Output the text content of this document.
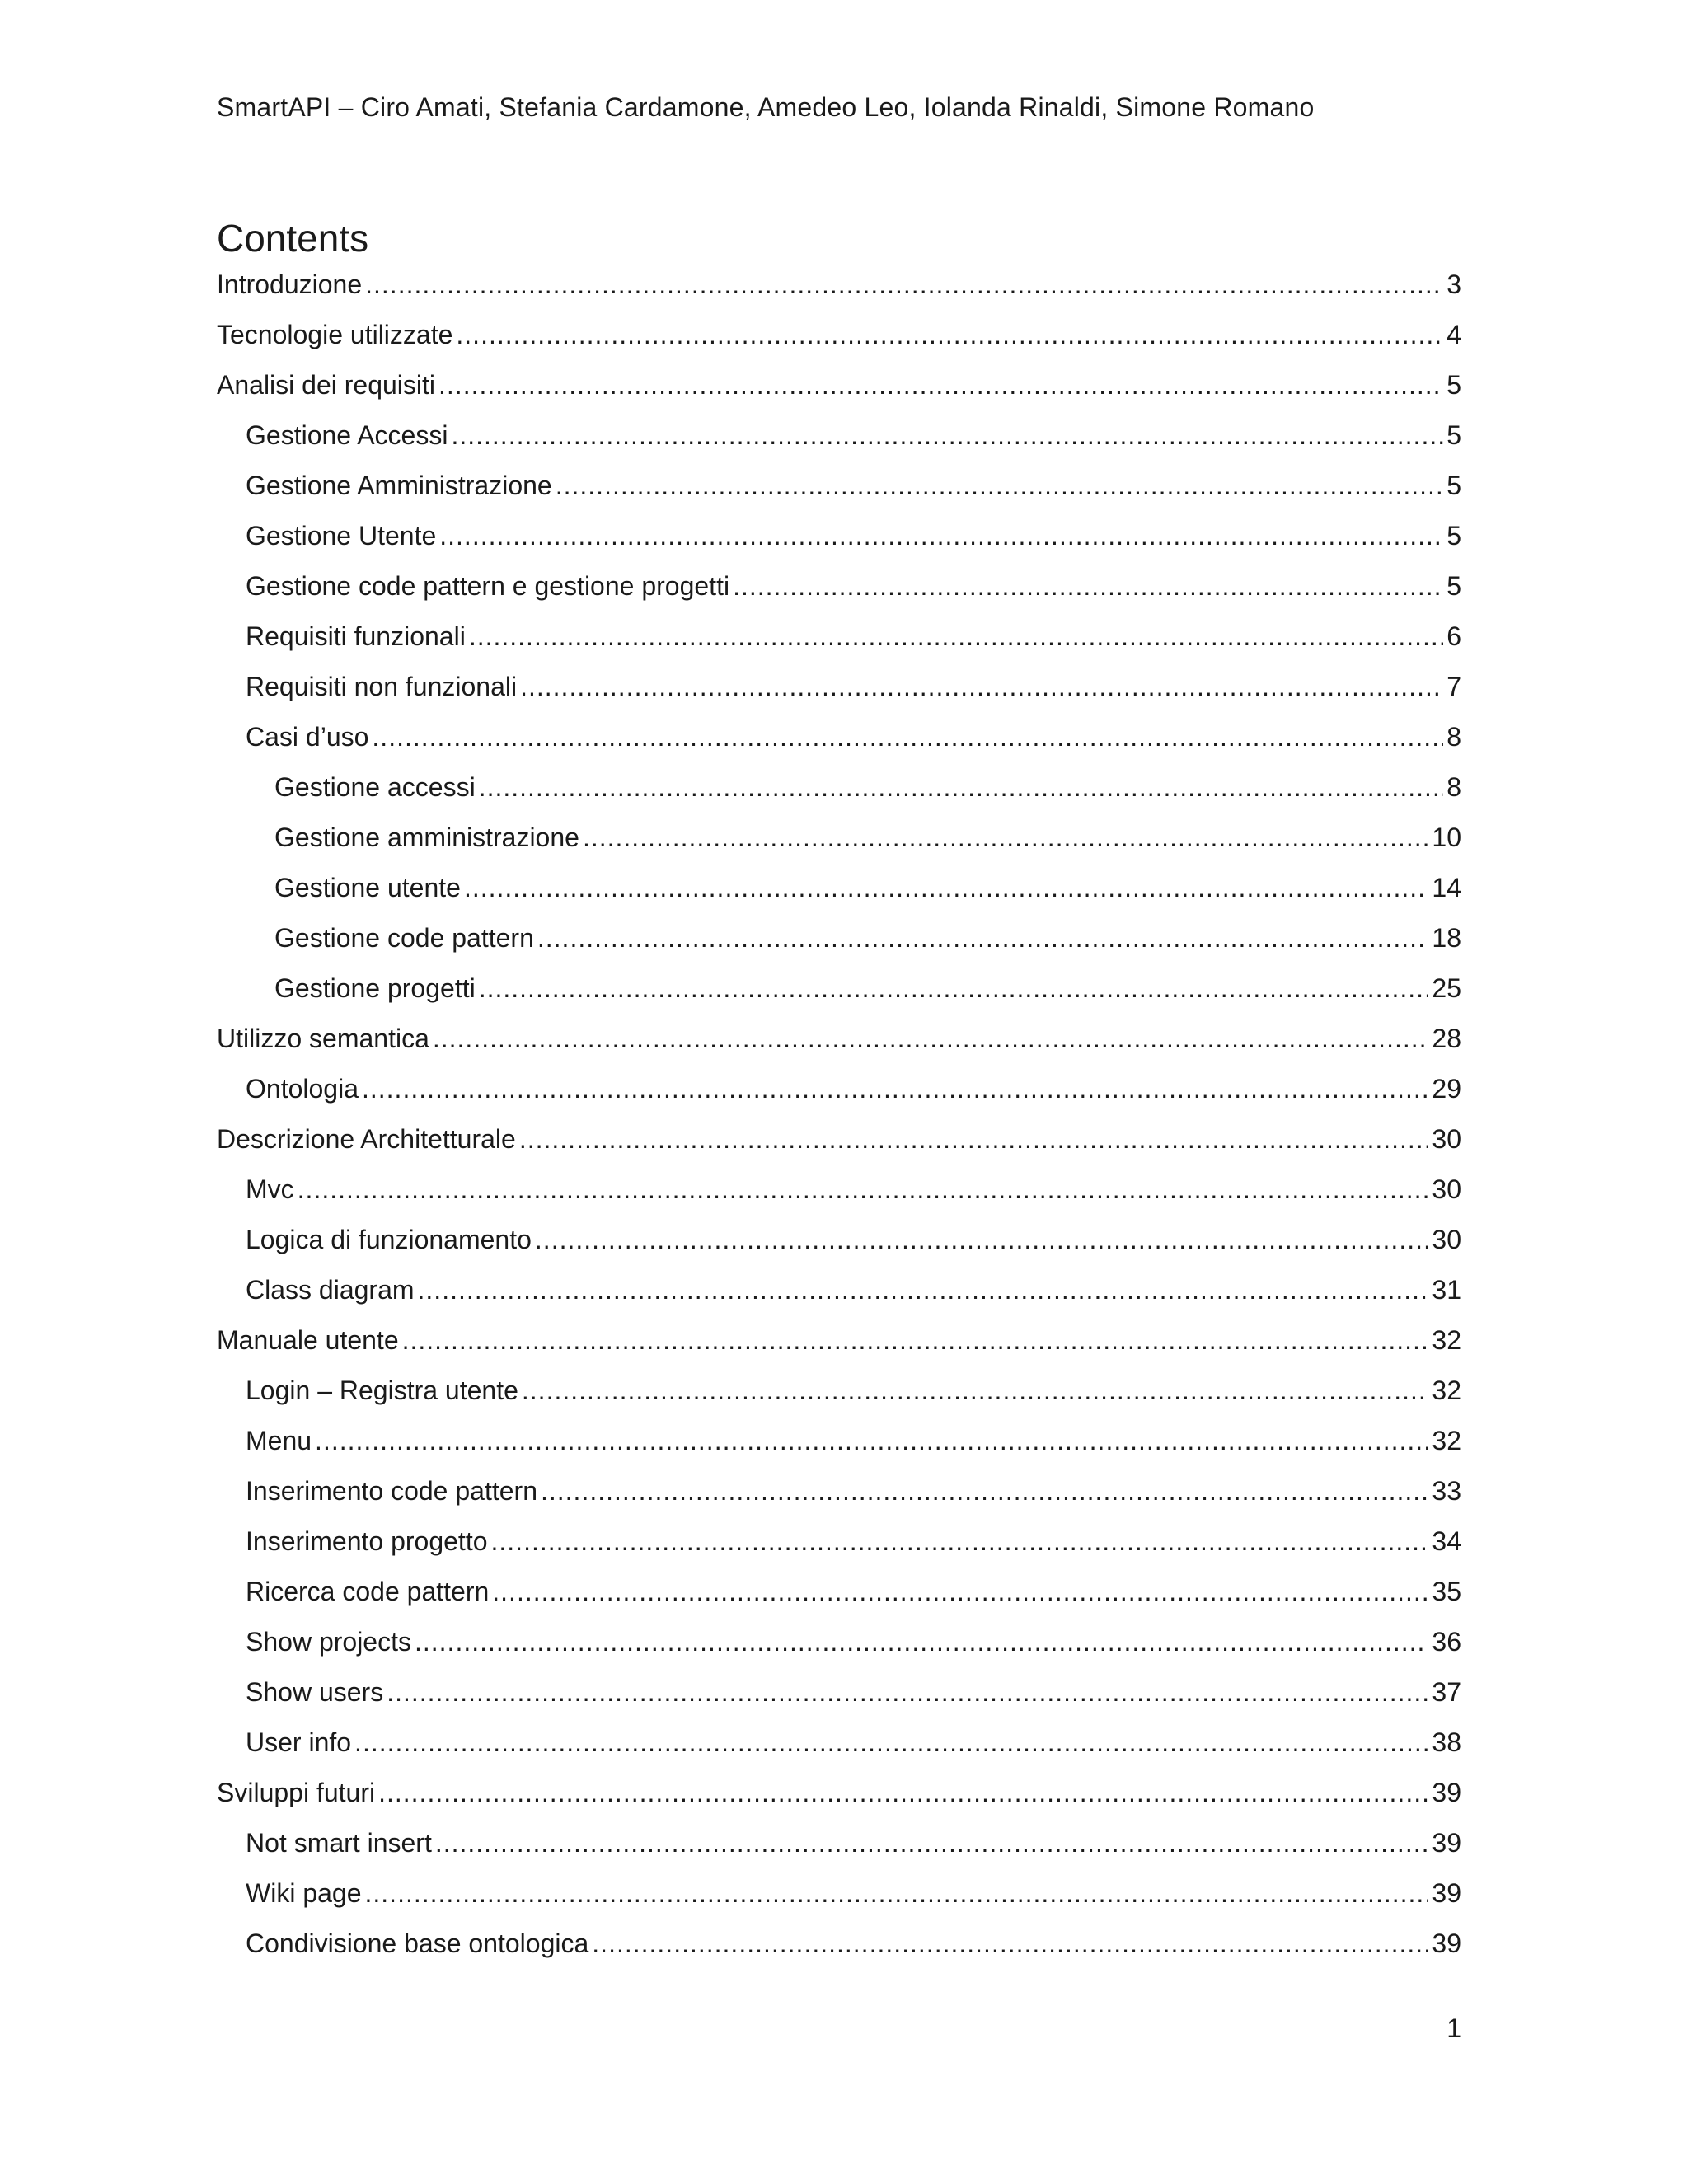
SmartAPI – Ciro Amati, Stefania Cardamone, Amedeo Leo, Iolanda Rinaldi, Simone Romano
Contents
Introduzione .....	3
Tecnologie utilizzate .....	4
Analisi dei requisiti .....	5
Gestione Accessi .....	5
Gestione Amministrazione .....	5
Gestione Utente .....	5
Gestione code pattern e gestione progetti .....	5
Requisiti funzionali .....	6
Requisiti non funzionali .....	7
Casi d’uso .....	8
Gestione accessi .....	8
Gestione amministrazione .....	10
Gestione utente .....	14
Gestione code pattern .....	18
Gestione progetti .....	25
Utilizzo semantica .....	28
Ontologia .....	29
Descrizione Architetturale .....	30
Mvc .....	30
Logica di funzionamento .....	30
Class diagram .....	31
Manuale utente .....	32
Login – Registra utente .....	32
Menu .....	32
Inserimento code pattern .....	33
Inserimento progetto .....	34
Ricerca code pattern .....	35
Show projects .....	36
Show users .....	37
User info .....	38
Sviluppi futuri .....	39
Not smart insert .....	39
Wiki page .....	39
Condivisione base ontologica .....	39
1
